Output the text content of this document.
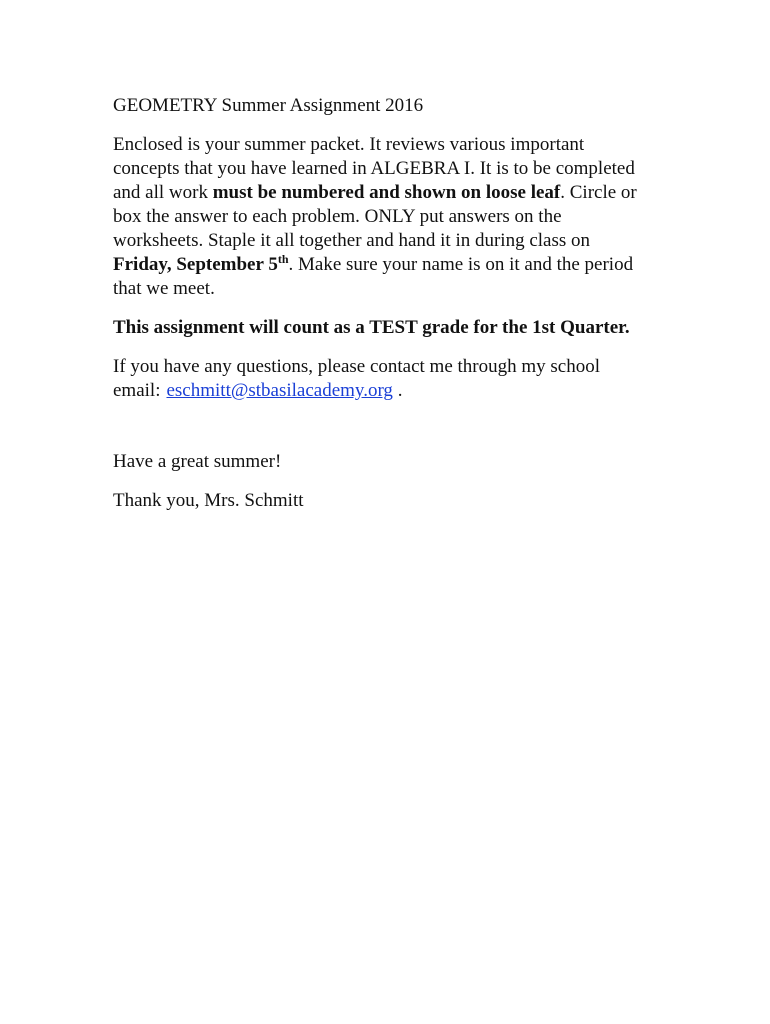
GEOMETRY Summer Assignment 2016

Enclosed is your summer packet. It reviews various important concepts that you have learned in ALGEBRA I. It is to be completed and all work must be numbered and shown on loose leaf. Circle or box the answer to each problem. ONLY put answers on the worksheets. Staple it all together and hand it in during class on Friday, September 5th. Make sure your name is on it and the period that we meet.

This assignment will count as a TEST grade for the 1st Quarter.

If you have any questions, please contact me through my school email: eschmitt@stbasilacademy.org .

Have a great summer!

Thank you, Mrs. Schmitt
